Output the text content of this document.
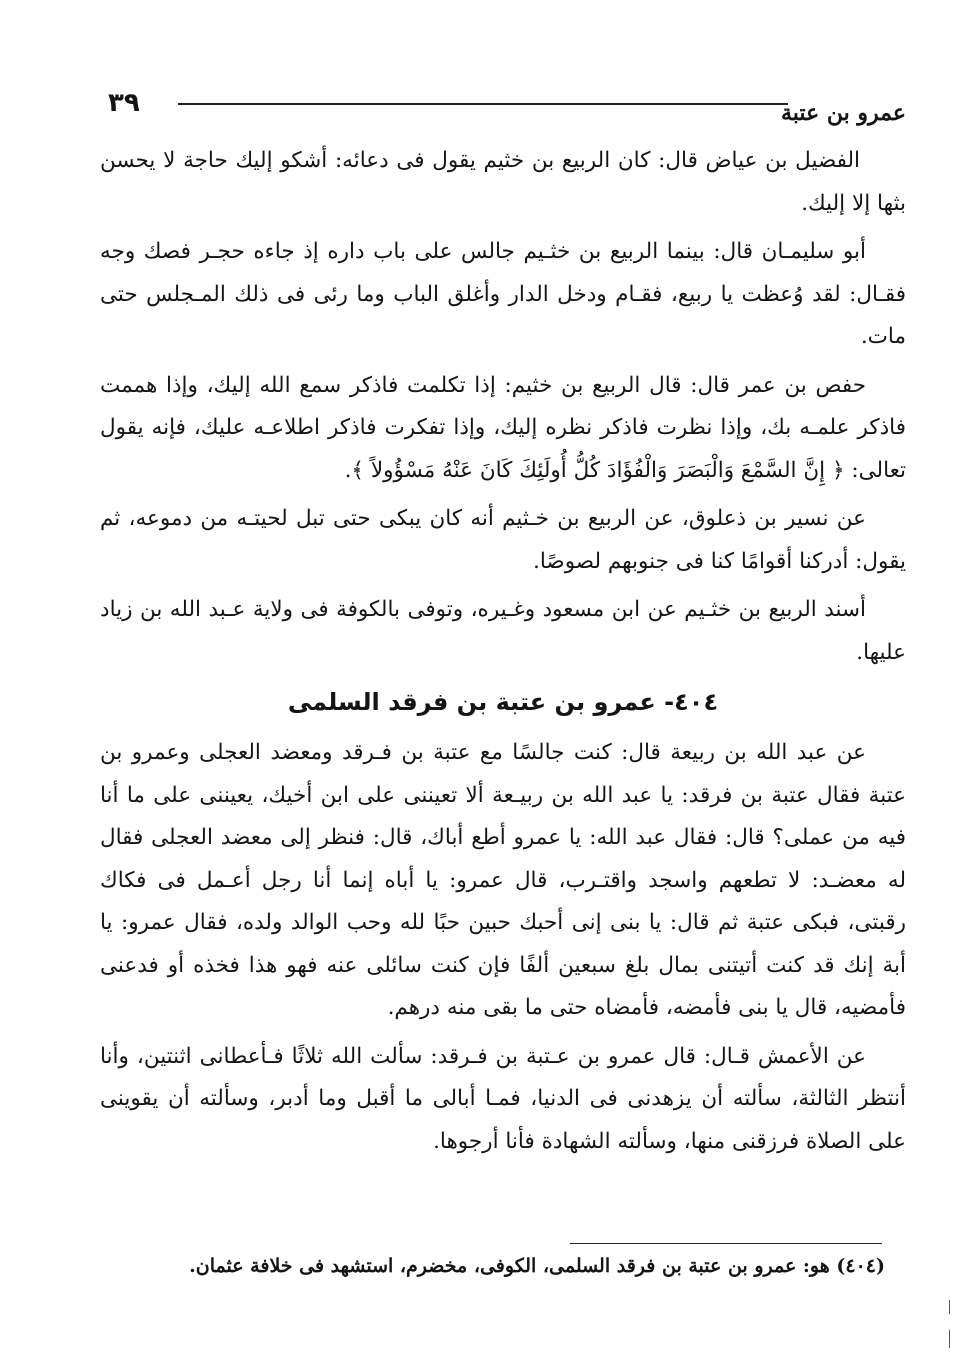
٣٩	عمرو بن عتبة

الفضيل بن عياض قال: كان الربيع بن خثيم يقول فى دعائه: أشكو إليك حاجة لا يحسن بثها إلا إليك.

أبو سليمـان قال: بينما الربيع بن خثـيم جالس على باب داره إذ جاءه حجـر فصك وجه فقـال: لقد وُعظت يا ربيع، فقـام ودخل الدار وأغلق الباب وما رئى فى ذلك المـجلس حتى مات.

حفص بن عمر قال: قال الربيع بن خثيم: إذا تكلمت فاذكر سمع الله إليك، وإذا هممت فاذكر علمـه بك، وإذا نظرت فاذكر نظره إليك، وإذا تفكرت فاذكر اطلاعـه عليك، فإنه يقول تعالى: ﴿ إِنَّ السَّمْعَ وَالْبَصَرَ وَالْفُؤَادَ كُلُّ أُولَئِكَ كَانَ عَنْهُ مَسْؤُولاً ﴾.

عن نسير بن ذعلوق، عن الربيع بن خـثيم أنه كان يبكى حتى تبل لحيتـه من دموعه، ثم يقول: أدركنا أقوامًا كنا فى جنوبهم لصوصًا.

أسند الربيع بن خثـيم عن ابن مسعود وغـيره، وتوفى بالكوفة فى ولاية عـبد الله بن زياد عليها.

٤٠٤- عمرو بن عتبة بن فرقد السلمى

عن عبد الله بن ربيعة قال: كنت جالسًا مع عتبة بن فـرقد ومعضد العجلى وعمرو بن عتبة فقال عتبة بن فرقد: يا عبد الله بن ربيـعة ألا تعيننى على ابن أخيك، يعيننى على ما أنا فيه من عملى؟ قال: فقال عبد الله: يا عمرو أطع أباك، قال: فنظر إلى معضد العجلى فقال له معضـد: لا تطعهم واسجد واقتـرب، قال عمرو: يا أباه إنما أنا رجل أعـمل فى فكاك رقبتى، فبكى عتبة ثم قال: يا بنى إنى أحبك حبين حبًا لله وحب الوالد ولده، فقال عمرو: يا أبة إنك قد كنت أتيتنى بمال بلغ سبعين ألفًا فإن كنت سائلى عنه فهو هذا فخذه أو فدعنى فأمضيه، قال يا بنى فأمضه، فأمضاه حتى ما بقى منه درهم.

عن الأعمش قـال: قال عمرو بن عـتبة بن فـرقد: سألت الله ثلاثًا فـأعطانى اثنتين، وأنا أنتظر الثالثة، سألته أن يزهدنى فى الدنيا، فمـا أبالى ما أقبل وما أدبر، وسألته أن يقوينى على الصلاة فرزقنى منها، وسألته الشهادة فأنا أرجوها.

(٤٠٤) هو: عمرو بن عتبة بن فرقد السلمى، الكوفى، مخضرم، استشهد فى خلافة عثمان.
